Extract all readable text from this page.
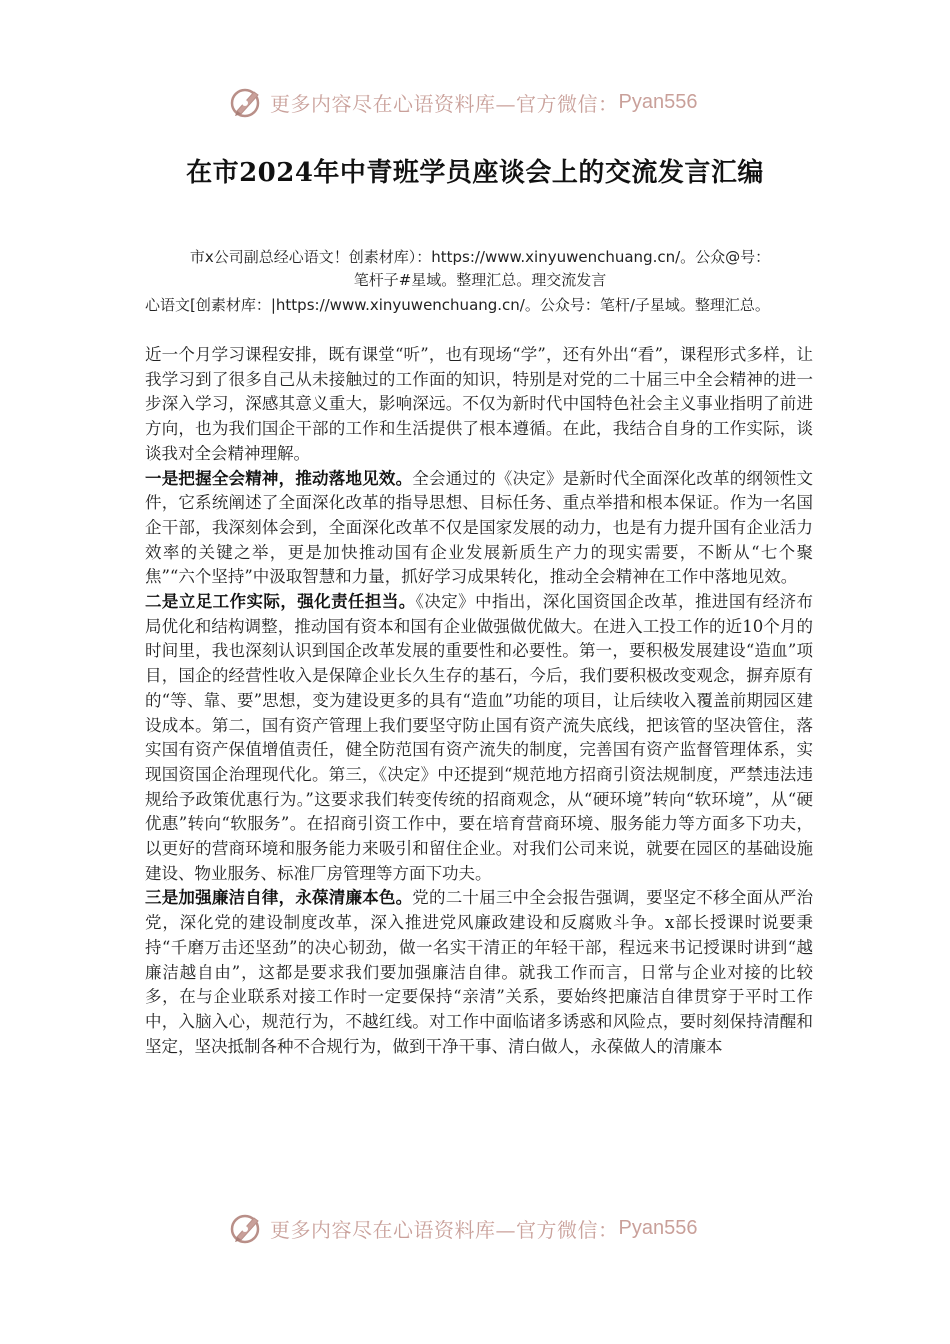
更多内容尽在心语资料库—官方微信： Pyan556
在市2024年中青班学员座谈会上的交流发言汇编
市x公司副总经心语文！创素材库）：https://www.xinyuwenchuang.cn/。公众@号：
笔杆子#星域。整理汇总。理交流发言
心语文[创素材库：|https://www.xinyuwenchuang.cn/。公众号：笔杆/子星域。整理汇总。

近一个月学习课程安排，既有课堂“听”，也有现场“学”，还有外出“看”，课程形式多样，让我学习到了很多自己从未接触过的工作面的知识，特别是对党的二十届三中全会精神的进一步深入学习，深感其意义重大，影响深远。不仅为新时代中国特色社会主义事业指明了前进方向，也为我们国企干部的工作和生活提供了根本遵循。在此，我结合自身的工作实际，谈谈我对全会精神理解。

一是把握全会精神，推动落地见效。全会通过的《决定》是新时代全面深化改革的纲领性文件，它系统阐述了全面深化改革的指导思想、目标任务、重点举措和根本保证。作为一名国企干部，我深刻体会到，全面深化改革不仅是国家发展的动力，也是有力提升国有企业活力效率的关键之举，更是加快推动国有企业发展新质生产力的现实需要，不断从“七个聚焦”“六个坚持”中汲取智慧和力量，抓好学习成果转化，推动全会精神在工作中落地见效。

二是立足工作实际，强化责任担当。《决定》中指出，深化国资国企改革，推进国有经济布局优化和结构调整，推动国有资本和国有企业做强做优做大。在进入工投工作的近10个月的时间里，我也深刻认识到国企改革发展的重要性和必要性。第一，要积极发展建设“造血”项目，国企的经营性收入是保障企业长久生存的基石，今后，我们要积极改变观念，摒弃原有的“等、靠、要”思想，变为建设更多的具有“造血”功能的项目，让后续收入覆盖前期园区建设成本。第二，国有资产管理上我们要坚守防止国有资产流失底线，把该管的坚决管住，落实国有资产保值增值责任，健全防范国有资产流失的制度，完善国有资产监督管理体系，实现国资国企治理现代化。第三，《决定》中还提到“规范地方招商引资法规制度，严禁违法违规给予政策优惠行为。”这要求我们转变传统的招商观念，从“硬环境”转向“软环境”，从“硬优惠”转向“软服务”。在招商引资工作中，要在培育营商环境、服务能力等方面多下功夫，以更好的营商环境和服务能力来吸引和留住企业。对我们公司来说，就要在园区的基础设施建设、物业服务、标准厂房管理等方面下功夫。

三是加强廉洁自律，永葆清廉本色。党的二十届三中全会报告强调，要坚定不移全面从严治党，深化党的建设制度改革，深入推进党风廉政建设和反腐败斗争。x部长授课时说要秉持“千磨万击还坚劲”的决心韧劲，做一名实干清正的年轻干部，程远来书记授课时讲到“越廉洁越自由”，这都是要求我们要加强廉洁自律。就我工作而言，日常与企业对接的比较多，在与企业联系对接工作时一定要保持“亲清”关系，要始终把廉洁自律贯穿于平时工作中，入脑入心，规范行为，不越红线。对工作中面临诸多诱惑和风险点，要时刻保持清醒和坚定，坚决抵制各种不合规行为，做到干净干事、清白做人，永葆做人的清廉本

更多内容尽在心语资料库—官方微信： Pyan556
